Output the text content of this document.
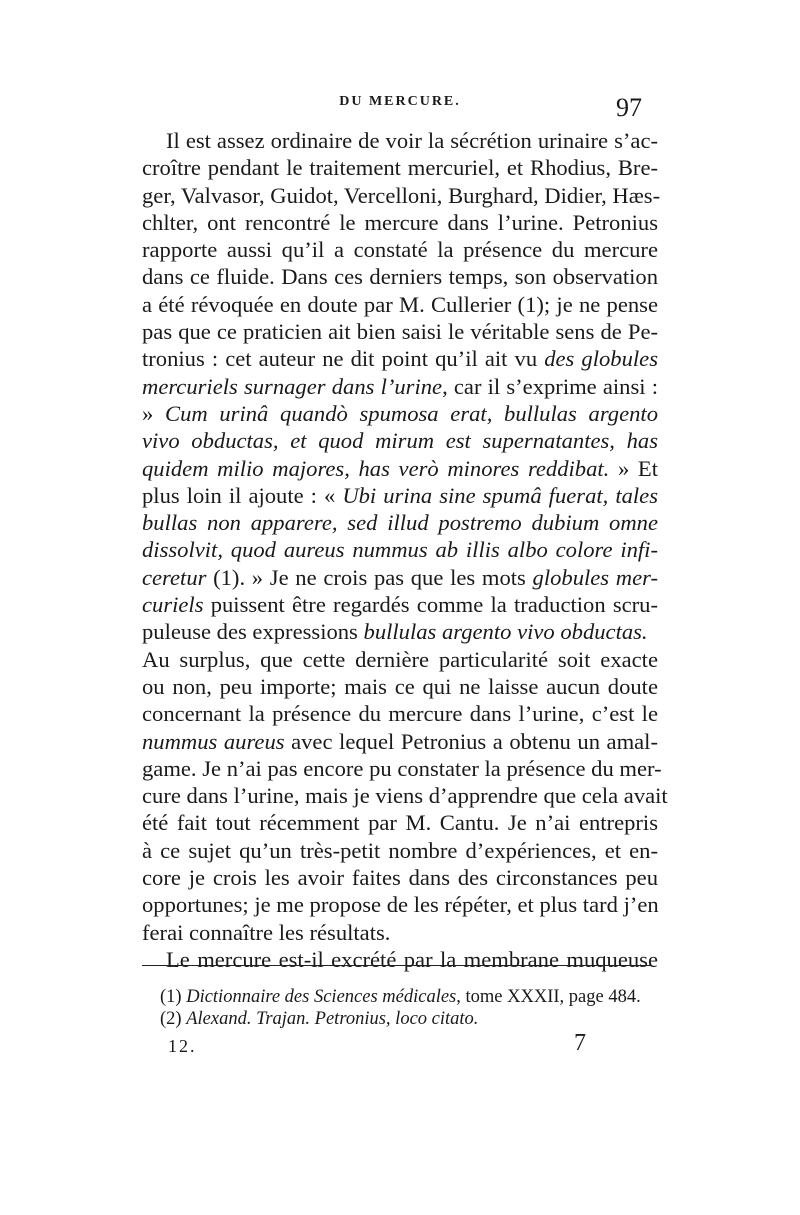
DU MERCURE.	97
Il est assez ordinaire de voir la sécrétion urinaire s’ac-
croître pendant le traitement mercuriel, et Rhodius, Bre-
ger, Valvasor, Guidot, Vercelloni, Burghard, Didier, Hæs-
chlter, ont rencontré le mercure dans l’urine. Petronius
rapporte aussi qu’il a constaté la présence du mercure
dans ce fluide. Dans ces derniers temps, son observation
a été révoquée en doute par M. Cullerier (1); je ne pense
pas que ce praticien ait bien saisi le véritable sens de Pe-
tronius : cet auteur ne dit point qu’il ait vu des globules
mercuriels surnager dans l’urine, car il s’exprime ainsi :
» Cum urinâ quandò spumosa erat, bullulas argento
vivo obductas, et quod mirum est supernatantes, has
quidem milio majores, has verò minores reddibat. » Et
plus loin il ajoute : « Ubi urina sine spumâ fuerat, tales
bullas non apparere, sed illud postremo dubium omne
dissolvit, quod aureus nummus ab illis albo colore infi-
ceretur (1). » Je ne crois pas que les mots globules mer-
curiels puissent être regardés comme la traduction scru-
puleuse des expressions bullulas argento vivo obductas.
Au surplus, que cette dernière particularité soit exacte
ou non, peu importe; mais ce qui ne laisse aucun doute
concernant la présence du mercure dans l’urine, c’est le
nummus aureus avec lequel Petronius a obtenu un amal-
game. Je n’ai pas encore pu constater la présence du mer-
cure dans l’urine, mais je viens d’apprendre que cela avait
été fait tout récemment par M. Cantu. Je n’ai entrepris
à ce sujet qu’un très-petit nombre d’expériences, et en-
core je crois les avoir faites dans des circonstances peu
opportunes; je me propose de les répéter, et plus tard j’en
ferai connaître les résultats.
Le mercure est-il excrété par la membrane muqueuse
(1) Dictionnaire des Sciences médicales, tome XXXII, page 484.
(2) Alexand. Trajan. Petronius, loco citato.
12.	7
